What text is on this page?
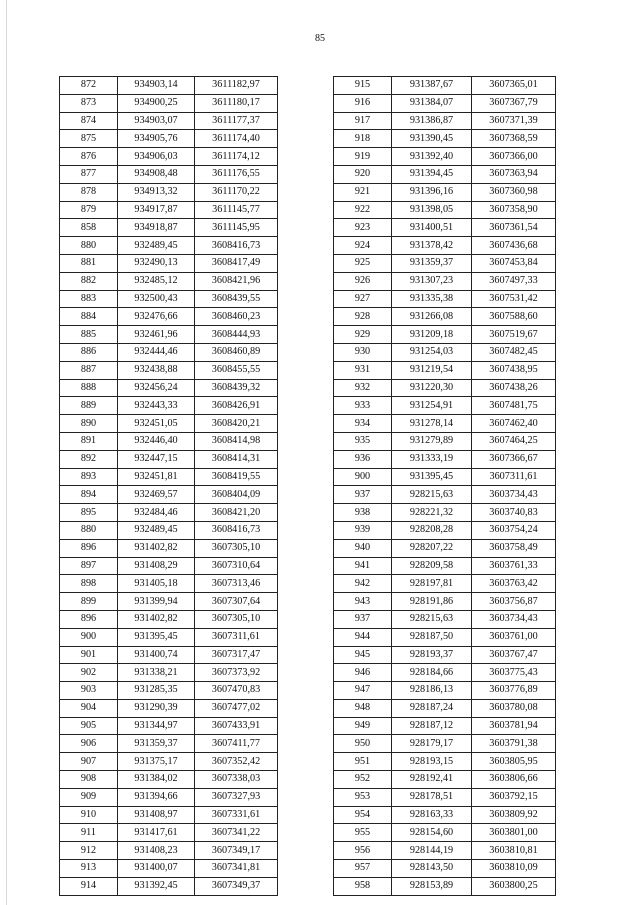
85
872	934903,14	3611182,97
873	934900,25	3611180,17
874	934903,07	3611177,37
875	934905,76	3611174,40
876	934906,03	3611174,12
877	934908,48	3611176,55
878	934913,32	3611170,22
879	934917,87	3611145,77
858	934918,87	3611145,95
880	932489,45	3608416,73
881	932490,13	3608417,49
882	932485,12	3608421,96
883	932500,43	3608439,55
884	932476,66	3608460,23
885	932461,96	3608444,93
886	932444,46	3608460,89
887	932438,88	3608455,55
888	932456,24	3608439,32
889	932443,33	3608426,91
890	932451,05	3608420,21
891	932446,40	3608414,98
892	932447,15	3608414,31
893	932451,81	3608419,55
894	932469,57	3608404,09
895	932484,46	3608421,20
880	932489,45	3608416,73
896	931402,82	3607305,10
897	931408,29	3607310,64
898	931405,18	3607313,46
899	931399,94	3607307,64
896	931402,82	3607305,10
900	931395,45	3607311,61
901	931400,74	3607317,47
902	931338,21	3607373,92
903	931285,35	3607470,83
904	931290,39	3607477,02
905	931344,97	3607433,91
906	931359,37	3607411,77
907	931375,17	3607352,42
908	931384,02	3607338,03
909	931394,66	3607327,93
910	931408,97	3607331,61
911	931417,61	3607341,22
912	931408,23	3607349,17
913	931400,07	3607341,81
914	931392,45	3607349,37
915	931387,67	3607365,01
916	931384,07	3607367,79
917	931386,87	3607371,39
918	931390,45	3607368,59
919	931392,40	3607366,00
920	931394,45	3607363,94
921	931396,16	3607360,98
922	931398,05	3607358,90
923	931400,51	3607361,54
924	931378,42	3607436,68
925	931359,37	3607453,84
926	931307,23	3607497,33
927	931335,38	3607531,42
928	931266,08	3607588,60
929	931209,18	3607519,67
930	931254,03	3607482,45
931	931219,54	3607438,95
932	931220,30	3607438,26
933	931254,91	3607481,75
934	931278,14	3607462,40
935	931279,89	3607464,25
936	931333,19	3607366,67
900	931395,45	3607311,61
937	928215,63	3603734,43
938	928221,32	3603740,83
939	928208,28	3603754,24
940	928207,22	3603758,49
941	928209,58	3603761,33
942	928197,81	3603763,42
943	928191,86	3603756,87
937	928215,63	3603734,43
944	928187,50	3603761,00
945	928193,37	3603767,47
946	928184,66	3603775,43
947	928186,13	3603776,89
948	928187,24	3603780,08
949	928187,12	3603781,94
950	928179,17	3603791,38
951	928193,15	3603805,95
952	928192,41	3603806,66
953	928178,51	3603792,15
954	928163,33	3603809,92
955	928154,60	3603801,00
956	928144,19	3603810,81
957	928143,50	3603810,09
958	928153,89	3603800,25
